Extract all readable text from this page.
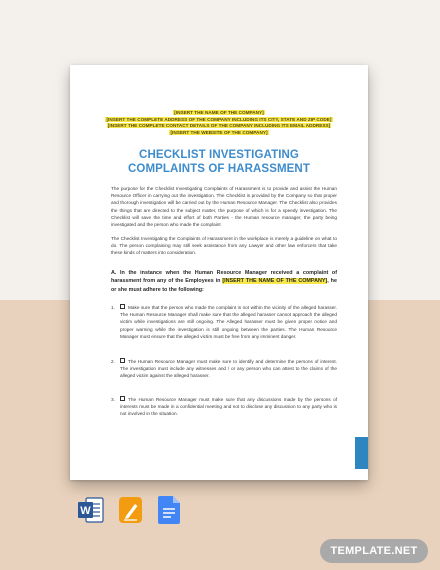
[INSERT THE NAME OF THE COMPANY]
[INSERT THE COMPLETE ADDRESS OF THE COMPANY INCLUDING ITS CITY, STATE AND ZIP CODE]
[INSERT THE COMPLETE CONTACT DETAILS OF THE COMPANY INCLUDING ITS EMAIL ADDRESS]
[INSERT THE WEBSITE OF THE COMPANY]
CHECKLIST INVESTIGATING
COMPLAINTS OF HARASSMENT
The purpose for the Checklist Investigating Complaints of Harassment is to provide and assist the Human Resource Officer in carrying out the investigation. The Checklist is provided by the Company so that proper and thorough investigation will be carried out by the Human Resource Manager. The Checklist also provides the things that are directed to the subject matter, the purpose of which is for a speedy investigation. The Checklist will save the time and effort of both Parties - the Human resource manager, the party being investigated and the person who made the complaint
The Checklist Investigating the Complaints of Harassment in the workplace is merely a guideline on what to do. The person complaining may still seek assistance from any Lawyer and other law enforcers that take these kinds of matters into consideration.
A. In the instance when the Human Resource Manager received a complaint of harassment from any of the Employees in [INSERT THE NAME OF THE COMPANY], he or she must adhere to the following:
1.	Make sure that the person who made the complaint is not within the vicinity of the alleged harasser. The Human Resource Manager shall make sure that the alleged harasser cannot approach the alleged victim while investigations are still ongoing. The Alleged harasser must be given proper notice and proper warning while the investigation is still ongoing between the parties. The Human Resource Manager must ensure that the alleged victim must be free from any imminent danger.
2.	The Human Resource Manager must make sure to identify and determine the persons of interest. The investigation must include any witnesses and / or any person who can attest to the claims of the alleged victim against the alleged harasser.
3.	The Human Resource Manager must make sure that any discussions made by the persons of interests must be made in a confidential meeting and not to disclose any discussion to any party who is not involved in the situation.
W
TEMPLATE.NET
